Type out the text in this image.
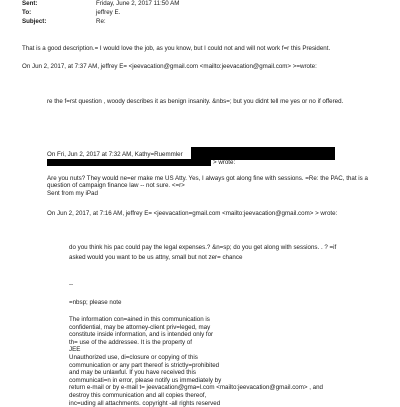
Sent:	Friday, June 2, 2017 11:50 AM
To:	jeffrey E.
Subject:	Re:
That is a good description.= I would love the job, as you know, but I could not and will not work f=r this President.
On Jun 2, 2017, at 7:37 AM, jeffrey E= <jeevacation@gmail.com <mailto:jeevacation@gmail.com> >=wrote:
re the f=rst question , woody describes it as benign insanity. &nbs=; but you didnt tell me yes or no if offered.
On Fri, Jun 2, 2017 at 7:32 AM, Kathy=Ruemmler
> wrote:
Are you nuts? They would ne=er make me US Atty. Yes, I always got along fine with sessions. =Re: the PAC, that is a question of campaign finance law -- not sure. <=r>
Sent from my iPad
On Jun 2, 2017, at 7:16 AM, jeffrey E= <jeevacation=gmail.com <mailto:jeevacation@gmail.com> > wrote:
do you think his pac could pay the legal expenses.? &n=sp; do you get along with sessions. . ? =if
asked would you want to be us attny, small but not zer= chance
--
=nbsp; please note
The information con=ained in this communication is
confidential, may be attorney-client priv=leged, may
constitute inside information, and is intended only for
th= use of the addressee. It is the property of
JEE
Unauthorized use, di=closure or copying of this
communication or any part thereof is strictly=prohibited
and may be unlawful. If you have received this
communicati=n in error, please notify us immediately by
return e-mail or by e-mail t= jeevacation@gma=l.com <mailto:jeevacation@gmail.com> , and
destroy this communication and all copies thereof,
inc=uding all attachments. copyright -all rights reserved
